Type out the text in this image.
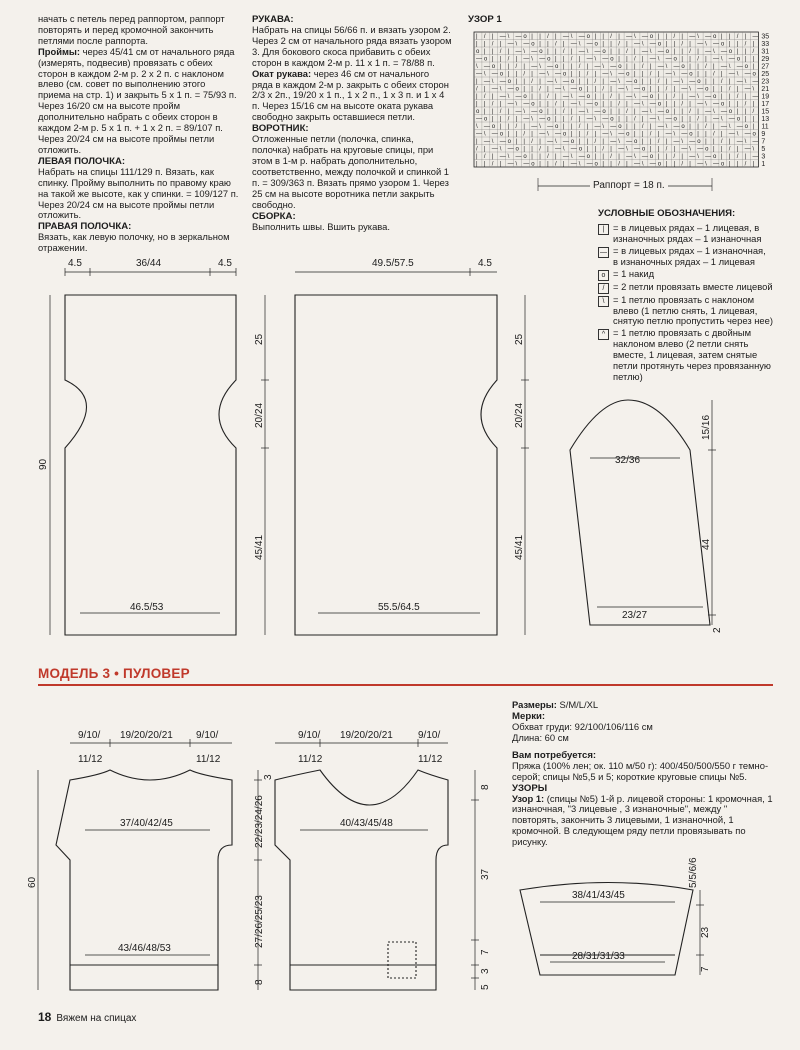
начать с петель перед раппортом, раппорт повторять и перед кромочной закончить петлями после раппорта.

Проймы: через 45/41 см от начального ряда (измерять, подвесив) провязать с обеих сторон в каждом 2-м р. 2 х 2 п. с наклоном влево (см. совет по выполнению этого приема на стр. 1) и закрыть 5 х 1 п. = 75/93 п. Через 16/20 см на высоте пройм дополнительно набрать с обеих сторон в каждом 2-м р. 5 х 1 п. + 1 х 2 п. = 89/107 п. Через 20/24 см на высоте проймы петли отложить.

ЛЕВАЯ ПОЛОЧКА:

Набрать на спицы 111/129 п. Вязать, как спинку. Пройму выполнить по правому краю на такой же высоте, как у спинки. = 109/127 п. Через 20/24 см на высоте проймы петли отложить.

ПРАВАЯ ПОЛОЧКА:

Вязать, как левую полочку, но в зеркальном отражении.

РУКАВА:

Набрать на спицы 56/66 п. и вязать узором 2. Через 2 см от начального ряда вязать узором 3. Для бокового скоса прибавить с обеих сторон в каждом 2-м р. 11 х 1 п. = 78/88 п.

Окат рукава: через 46 см от начального ряда в каждом 2-м р. закрыть с обеих сторон 2/3 х 2п., 19/20 х 1 п., 1 х 2 п., 1 х 3 п. и 1 х 4 п. Через 15/16 см на высоте оката рукава свободно закрыть оставшиеся петли.

ВОРОТНИК:

Отложенные петли (полочка, спинка, полочка) набрать на круговые спицы, при этом в 1-м р. набрать дополнительно, соответственно, между полочкой и спинкой 1 п. = 309/363 п. Вязать прямо узором 1. Через 25 см на высоте воротника петли закрыть свободно.

СБОРКА:

Выполнить швы. Вшить рукава.

УЗОР 1
| / | — \ — o | | / | — \ — o | | / | — \ — o | | / | — \ — o | | / | —
| | / | — \ — o | | / | — \ — o | | / | — \ — o | | / | — \ — o | | / |
o | | / | — \ — o | | / | — \ — o | | / | — \ — o | | / | — \ — o | | /
— o | | / | — \ — o | | / | — \ — o | | / | — \ — o | | / | — \ — o | |
\ — o | | / | — \ — o | | / | — \ — o | | / | — \ — o | | / | — \ — o |
— \ — o | | / | — \ — o | | / | — \ — o | | / | — \ — o | | / | — \ — o
| — \ — o | | / | — \ — o | | / | — \ — o | | / | — \ — o | | / | — \ —
/ | — \ — o | | / | — \ — o | | / | — \ — o | | / | — \ — o | | / | — \
| / | — \ — o | | / | — \ — o | | / | — \ — o | | / | — \ — o | | / | —
| | / | — \ — o | | / | — \ — o | | / | — \ — o | | / | — \ — o | | / |
o | | / | — \ — o | | / | — \ — o | | / | — \ — o | | / | — \ — o | | /
— o | | / | — \ — o | | / | — \ — o | | / | — \ — o | | / | — \ — o | |
\ — o | | / | — \ — o | | / | — \ — o | | / | — \ — o | | / | — \ — o |
— \ — o | | / | — \ — o | | / | — \ — o | | / | — \ — o | | / | — \ — o
| — \ — o | | / | — \ — o | | / | — \ — o | | / | — \ — o | | / | — \ —
/ | — \ — o | | / | — \ — o | | / | — \ — o | | / | — \ — o | | / | — \
| / | — \ — o | | / | — \ — o | | / | — \ — o | | / | — \ — o | | / | —
| | / | — \ — o | | / | — \ — o | | / | — \ — o | | / | — \ — o | | / |
35
33
31
29
27
25
23
21
19
17
15
13
11
9
7
5
3
1
Раппорт = 18 п.

УСЛОВНЫЕ ОБОЗНАЧЕНИЯ:

| = в лицевых рядах – 1 лицевая, в изнаночных рядах – 1 изнаночная
— = в лицевых рядах – 1 изнаночная, в изнаночных рядах – 1 лицевая
o = 1 накид
/ = 2 петли провязать вместе лицевой
\ = 1 петлю провязать с наклоном влево (1 петлю снять, 1 лицевая, снятую петлю пропустить через нее)
^ = 1 петлю провязать с двойным наклоном влево (2 петли снять вместе, 1 лицевая, затем снятые петли протянуть через провязанную петлю)
4.5	36/44	4.5
90
46.5/53
49.5/57.5	4.5
25
20/24
45/41
25
20/24
45/41
55.5/64.5
32/36
15/16
44
2
23/27
МОДЕЛЬ 3 • ПУЛОВЕР
9/10/
11/12
19/20/20/21 9/10/
11/12
37/40/42/45
43/46/48/53
60
9/10/
11/12
19/20/20/21	9/10/
11/12
40/43/45/48
3
22/23/24/26
27/26/25/23
8
8
37
7
3
5
38/41/43/45
28/31/31/33
5/5/6/6
23
7

Размеры: S/M/L/XL

Мерки:

Обхват груди: 92/100/106/116 см

Длина: 60 см

Вам потребуется:

Пряжа (100% лен; ок. 110 м/50 г): 400/450/500/550 г темно-серой; спицы №5,5 и 5; короткие круговые спицы №5.

УЗОРЫ

Узор 1: (спицы №5) 1-й р. лицевой стороны: 1 кромочная, 1 изнаночная, "3 лицевые , 3 изнаночные", между " повторять, закончить 3 лицевыми, 1 изнаночной, 1 кромочной. В следующем ряду петли провязывать по рисунку.

18 Вяжем на спицах
